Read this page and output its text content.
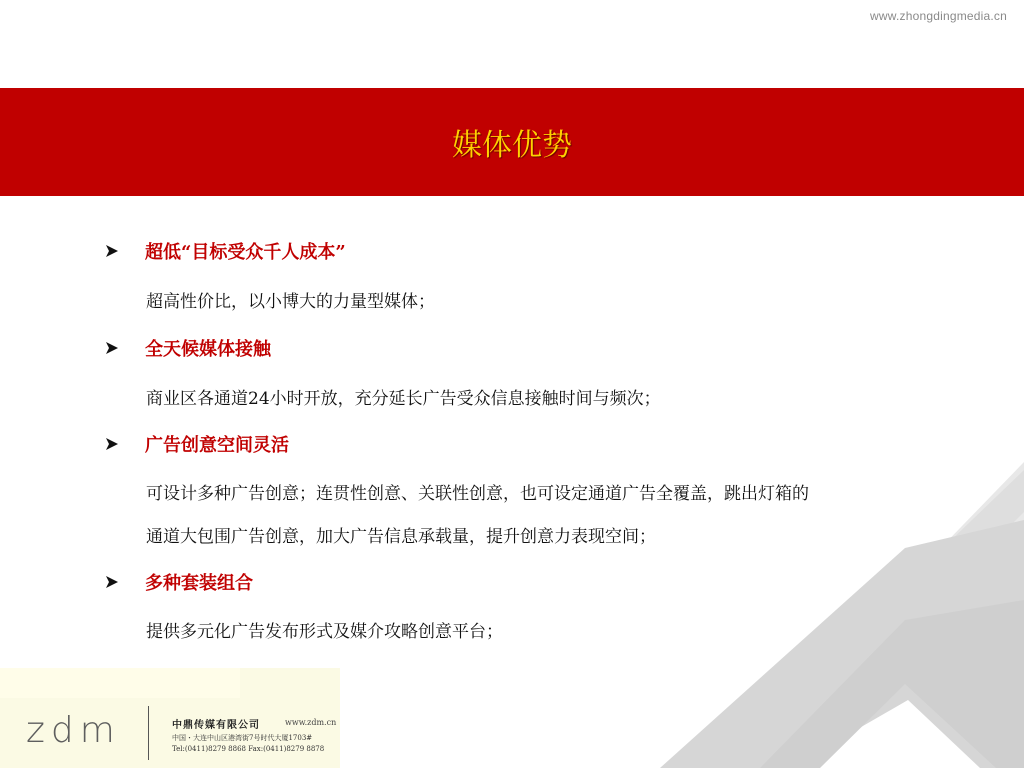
www.zhongdingmedia.cn
媒体优势
超低“目标受众千人成本”
超高性价比，以小博大的力量型媒体；
全天候媒体接触
商业区各通道24小时开放，充分延长广告受众信息接触时间与频次；
广告创意空间灵活
可设计多种广告创意；连贯性创意、关联性创意，也可设定通道广告全覆盖，跳出灯箱的
通道大包围广告创意，加大广告信息承载量，提升创意力表现空间；
多种套装组合
提供多元化广告发布形式及媒介攻略创意平台；
zdm	中鼎传媒有限公司	www.zdm.cn
中国・大连中山区港湾街7号时代大厦1703#
Tel:(0411)8279 8868 Fax:(0411)8279 8878
